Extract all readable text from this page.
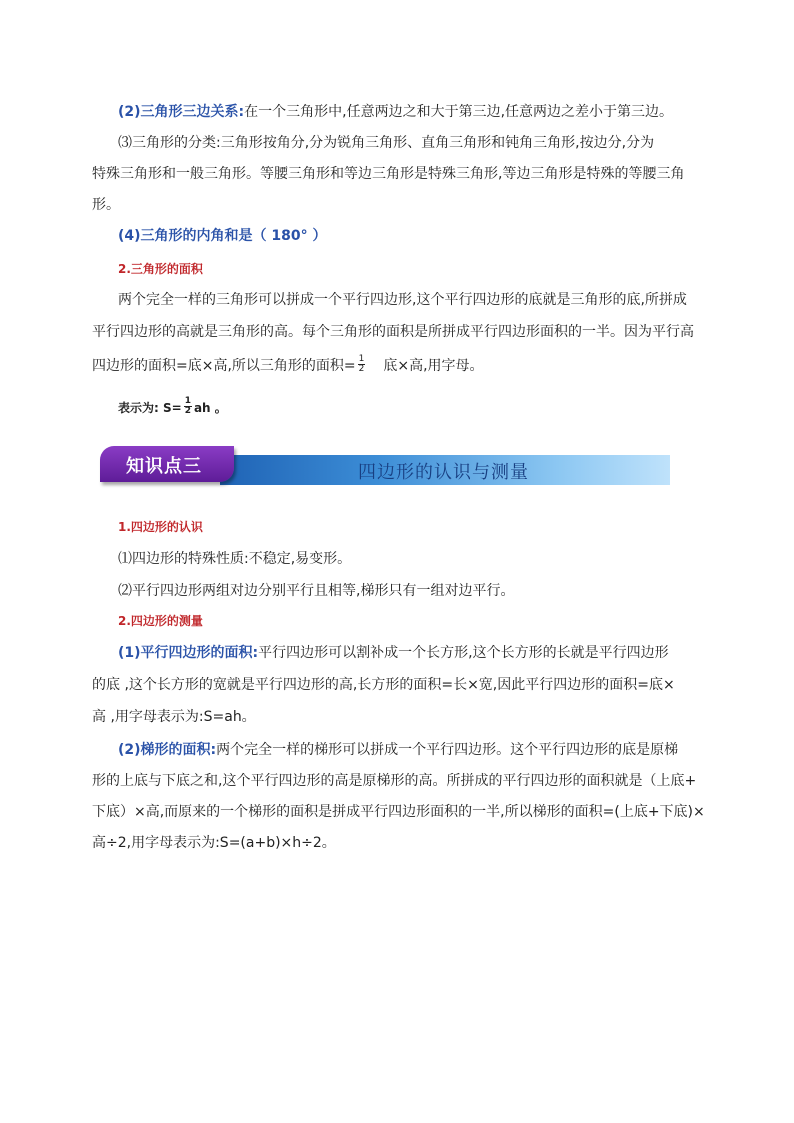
(2)三角形三边关系:在一个三角形中,任意两边之和大于第三边,任意两边之差小于第三边。
⑶三角形的分类:三角形按角分,分为锐角三角形、直角三角形和钝角三角形,按边分,分为
特殊三角形和一般三角形。等腰三角形和等边三角形是特殊三角形,等边三角形是特殊的等腰三角
形。
(4)三角形的内角和是（ 180° ）
2.三角形的面积
两个完全一样的三角形可以拼成一个平行四边形,这个平行四边形的底就是三角形的底,所拼成
平行四边形的高就是三角形的高。每个三角形的面积是所拼成平行四边形面积的一半。因为平行高
四边形的面积=底×高,所以三角形的面积= $\frac{1}{2}$ 底×高,用字母。
表示为: $S= \frac{1}{2}$ ah 。
四边形的认识与测量
知识点三
1.四边形的认识
⑴四边形的特殊性质:不稳定,易变形。
⑵平行四边形两组对边分别平行且相等,梯形只有一组对边平行。
2.四边形的测量
(1)平行四边形的面积:平行四边形可以割补成一个长方形,这个长方形的长就是平行四边形
的底 ,这个长方形的宽就是平行四边形的高,长方形的面积=长×宽,因此平行四边形的面积=底×
高 ,用字母表示为:S=ah。
(2)梯形的面积:两个完全一样的梯形可以拼成一个平行四边形。这个平行四边形的底是原梯
形的上底与下底之和,这个平行四边形的高是原梯形的高。所拼成的平行四边形的面积就是（上底+
下底）×高,而原来的一个梯形的面积是拼成平行四边形面积的一半,所以梯形的面积=(上底+下底)×
高÷2,用字母表示为:S=(a+b)×h÷2。
